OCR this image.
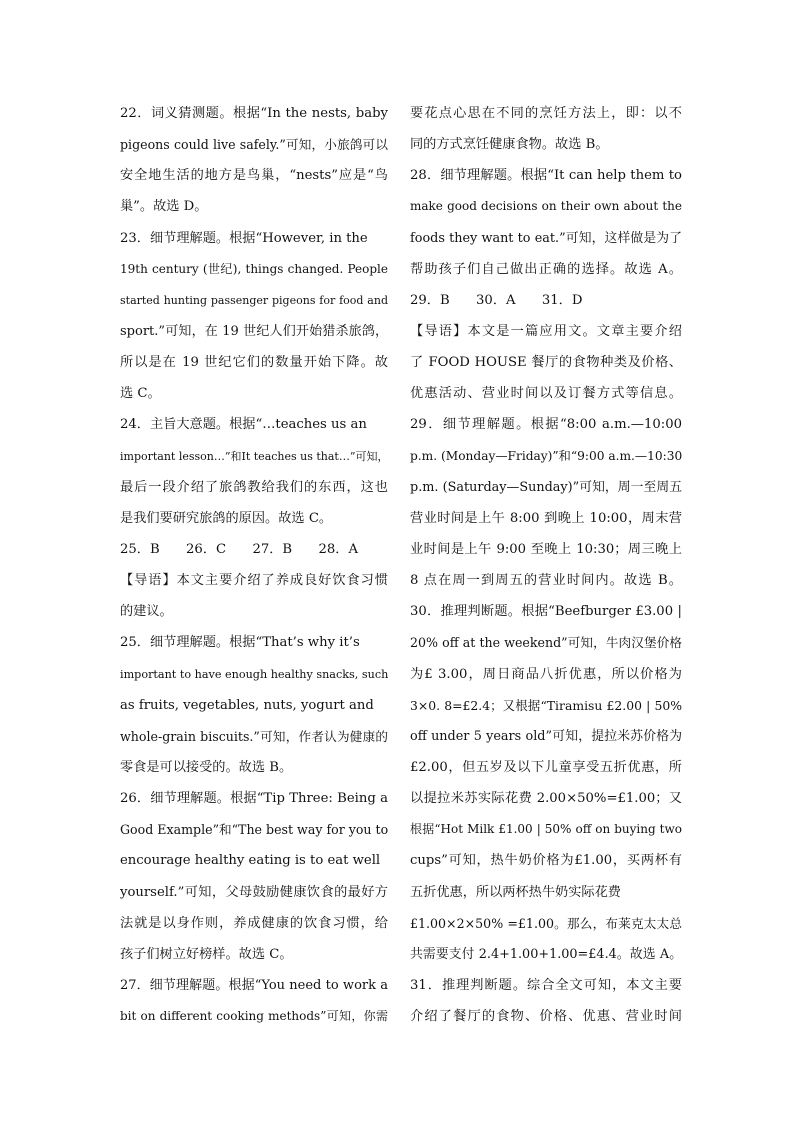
22．词义猜测题。根据“In the nests, baby
pigeons could live safely.”可知，小旅鸽可以
安全地生活的地方是鸟巢，“nests”应是“鸟
巢”。故选 D。
23．细节理解题。根据“However, in the
19th century (世纪), things changed. People
started hunting passenger pigeons for food and
sport.”可知，在 19 世纪人们开始猎杀旅鸽，
所以是在 19 世纪它们的数量开始下降。故
选 C。
24．主旨大意题。根据“…teaches us an
important lesson…”和It teaches us that…”可知，
最后一段介绍了旅鸽教给我们的东西，这也
是我们要研究旅鸽的原因。故选 C。
25．B　　26．C　　27．B　　28．A
【导语】本文主要介绍了养成良好饮食习惯
的建议。
25．细节理解题。根据“That’s why it’s
important to have enough healthy snacks, such
as fruits, vegetables, nuts, yogurt and
whole-grain biscuits.”可知，作者认为健康的
零食是可以接受的。故选 B。
26．细节理解题。根据“Tip Three: Being a
Good Example”和“The best way for you to
encourage healthy eating is to eat well
yourself.”可知，父母鼓励健康饮食的最好方
法就是以身作则，养成健康的饮食习惯，给
孩子们树立好榜样。故选 C。
27．细节理解题。根据“You need to work a
bit on different cooking methods”可知，你需
要花点心思在不同的烹饪方法上，即：以不
同的方式烹饪健康食物。故选 B。
28．细节理解题。根据“It can help them to
make good decisions on their own about the
foods they want to eat.”可知，这样做是为了
帮助孩子们自己做出正确的选择。故选 A。
29．B　　30．A　　31．D
【导语】本文是一篇应用文。文章主要介绍
了 FOOD HOUSE 餐厅的食物种类及价格、
优惠活动、营业时间以及订餐方式等信息。
29．细节理解题。根据“8:00 a.m.—10:00
p.m. (Monday—Friday)”和“9:00 a.m.—10:30
p.m. (Saturday—Sunday)”可知，周一至周五
营业时间是上午 8:00 到晚上 10:00，周末营
业时间是上午 9:00 至晚上 10:30；周三晚上
8 点在周一到周五的营业时间内。故选 B。
30．推理判断题。根据“Beefburger £3.00 |
20% off at the weekend”可知，牛肉汉堡价格
为£ 3.00，周日商品八折优惠，所以价格为
3×0. 8=£2.4；又根据“Tiramisu £2.00 | 50%
off under 5 years old”可知，提拉米苏价格为
£2.00，但五岁及以下儿童享受五折优惠，所
以提拉米苏实际花费 2.00×50%=£1.00；又
根据“Hot Milk £1.00 | 50% off on buying two
cups”可知，热牛奶价格为£1.00，买两杯有
五折优惠，所以两杯热牛奶实际花费
£1.00×2×50% =£1.00。那么，布莱克太太总
共需要支付 2.4+1.00+1.00=£4.4。故选 A。
31．推理判断题。综合全文可知，本文主要
介绍了餐厅的食物、价格、优惠、营业时间
